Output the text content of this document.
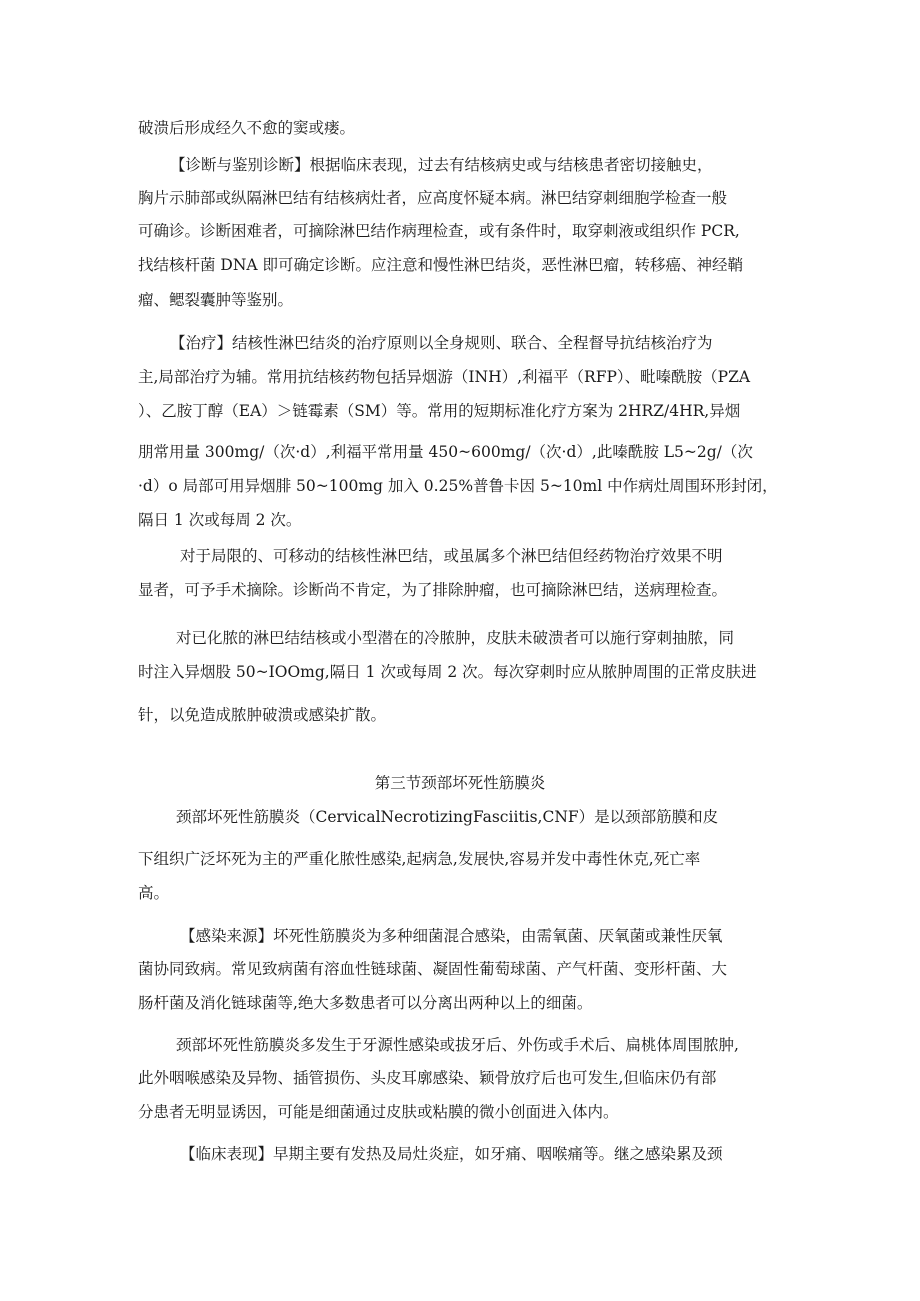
破溃后形成经久不愈的窦或瘘。
【诊断与鉴别诊断】根据临床表现，过去有结核病史或与结核患者密切接触史，
胸片示肺部或纵隔淋巴结有结核病灶者，应高度怀疑本病。淋巴结穿刺细胞学检查一般
可确诊。诊断困难者，可摘除淋巴结作病理检查，或有条件时，取穿刺液或组织作 PCR,
找结核杆菌 DNA 即可确定诊断。应注意和慢性淋巴结炎，恶性淋巴瘤，转移癌、神经鞘
瘤、鳃裂囊肿等鉴别。
【治疗】结核性淋巴结炎的治疗原则以全身规则、联合、全程督导抗结核治疗为
主,局部治疗为辅。常用抗结核药物包括异烟游（INH）,利福平（RFP）、毗嗪酰胺（PZA
）、乙胺丁醇（EA）＞链霉素（SM）等。常用的短期标准化疗方案为 2HRZ/4HR,异烟
朋常用量 300mg/（次·d）,利福平常用量 450~600mg/（次·d）,此嗪酰胺 L5~2g/（次
·d）o 局部可用异烟腓 50~100mg 加入 0.25%普鲁卡因 5~10ml 中作病灶周围环形封闭，
隔日 1 次或每周 2 次。
对于局限的、可移动的结核性淋巴结，或虽属多个淋巴结但经药物治疗效果不明
显者，可予手术摘除。诊断尚不肯定，为了排除肿瘤，也可摘除淋巴结，送病理检查。
对已化脓的淋巴结结核或小型潜在的冷脓肿，皮肤未破溃者可以施行穿刺抽脓，同
时注入异烟股 50~IOOmg,隔日 1 次或每周 2 次。每次穿刺时应从脓肿周围的正常皮肤进
针，以免造成脓肿破溃或感染扩散。
第三节颈部坏死性筋膜炎
颈部坏死性筋膜炎（CervicalNecrotizingFasciitis,CNF）是以颈部筋膜和皮
下组织广泛坏死为主的严重化脓性感染,起病急,发展快,容易并发中毒性休克,死亡率
高。
【感染来源】坏死性筋膜炎为多种细菌混合感染，由需氧菌、厌氧菌或兼性厌氧
菌协同致病。常见致病菌有溶血性链球菌、凝固性葡萄球菌、产气杆菌、变形杆菌、大
肠杆菌及消化链球菌等,绝大多数患者可以分离出两种以上的细菌。
颈部坏死性筋膜炎多发生于牙源性感染或拔牙后、外伤或手术后、扁桃体周围脓肿,
此外咽喉感染及异物、插管损伤、头皮耳廓感染、颖骨放疗后也可发生,但临床仍有部
分患者无明显诱因，可能是细菌通过皮肤或粘膜的微小创面进入体内。
【临床表现】早期主要有发热及局灶炎症，如牙痛、咽喉痛等。继之感染累及颈
